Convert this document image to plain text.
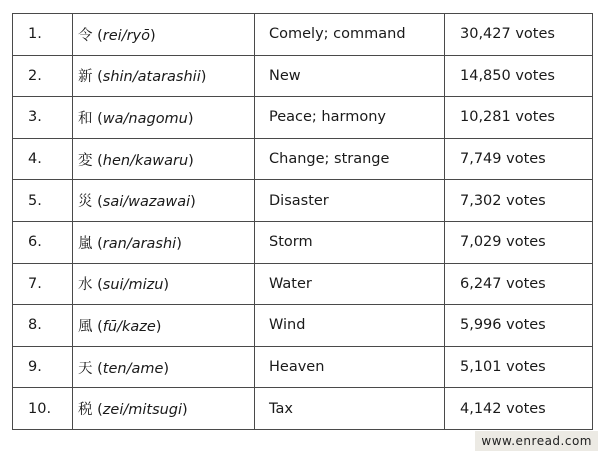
1.	令 (rei/ryō)	Comely; command	30,427 votes
2.	新 (shin/atarashii)	New	14,850 votes
3.	和 (wa/nagomu)	Peace; harmony	10,281 votes
4.	変 (hen/kawaru)	Change; strange	7,749 votes
5.	災 (sai/wazawai)	Disaster	7,302 votes
6.	嵐 (ran/arashi)	Storm	7,029 votes
7.	水 (sui/mizu)	Water	6,247 votes
8.	風 (fū/kaze)	Wind	5,996 votes
9.	天 (ten/ame)	Heaven	5,101 votes
10.	税 (zei/mitsugi)	Tax	4,142 votes
www.enread.com
